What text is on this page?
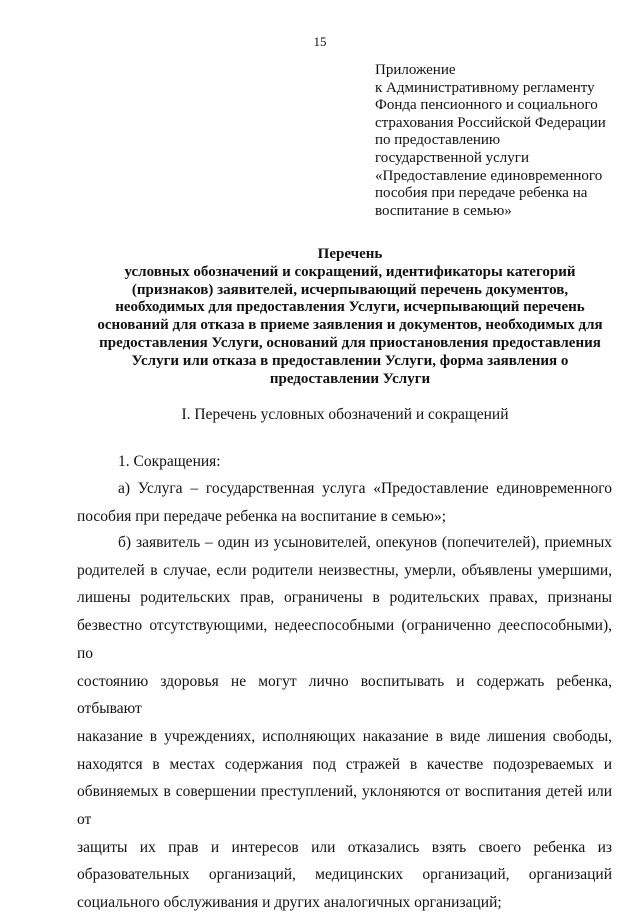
15
Приложение
к Административному регламенту
Фонда пенсионного и социального
страхования Российской Федерации
по предоставлению
государственной услуги
«Предоставление единовременного
пособия при передаче ребенка на
воспитание в семью»
Перечень
условных обозначений и сокращений, идентификаторы категорий
(признаков) заявителей, исчерпывающий перечень документов,
необходимых для предоставления Услуги, исчерпывающий перечень
оснований для отказа в приеме заявления и документов, необходимых для
предоставления Услуги, оснований для приостановления предоставления
Услуги или отказа в предоставлении Услуги, форма заявления о
предоставлении Услуги
I. Перечень условных обозначений и сокращений
1. Сокращения:
а) Услуга – государственная услуга «Предоставление единовременного
пособия при передаче ребенка на воспитание в семью»;
б) заявитель – один из усыновителей, опекунов (попечителей), приемных
родителей в случае, если родители неизвестны, умерли, объявлены умершими,
лишены родительских прав, ограничены в родительских правах, признаны
безвестно отсутствующими, недееспособными (ограниченно дееспособными), по
состоянию здоровья не могут лично воспитывать и содержать ребенка, отбывают
наказание в учреждениях, исполняющих наказание в виде лишения свободы,
находятся в местах содержания под стражей в качестве подозреваемых и
обвиняемых в совершении преступлений, уклоняются от воспитания детей или от
защиты их прав и интересов или отказались взять своего ребенка из
образовательных организаций, медицинских организаций, организаций
социального обслуживания и других аналогичных организаций;
